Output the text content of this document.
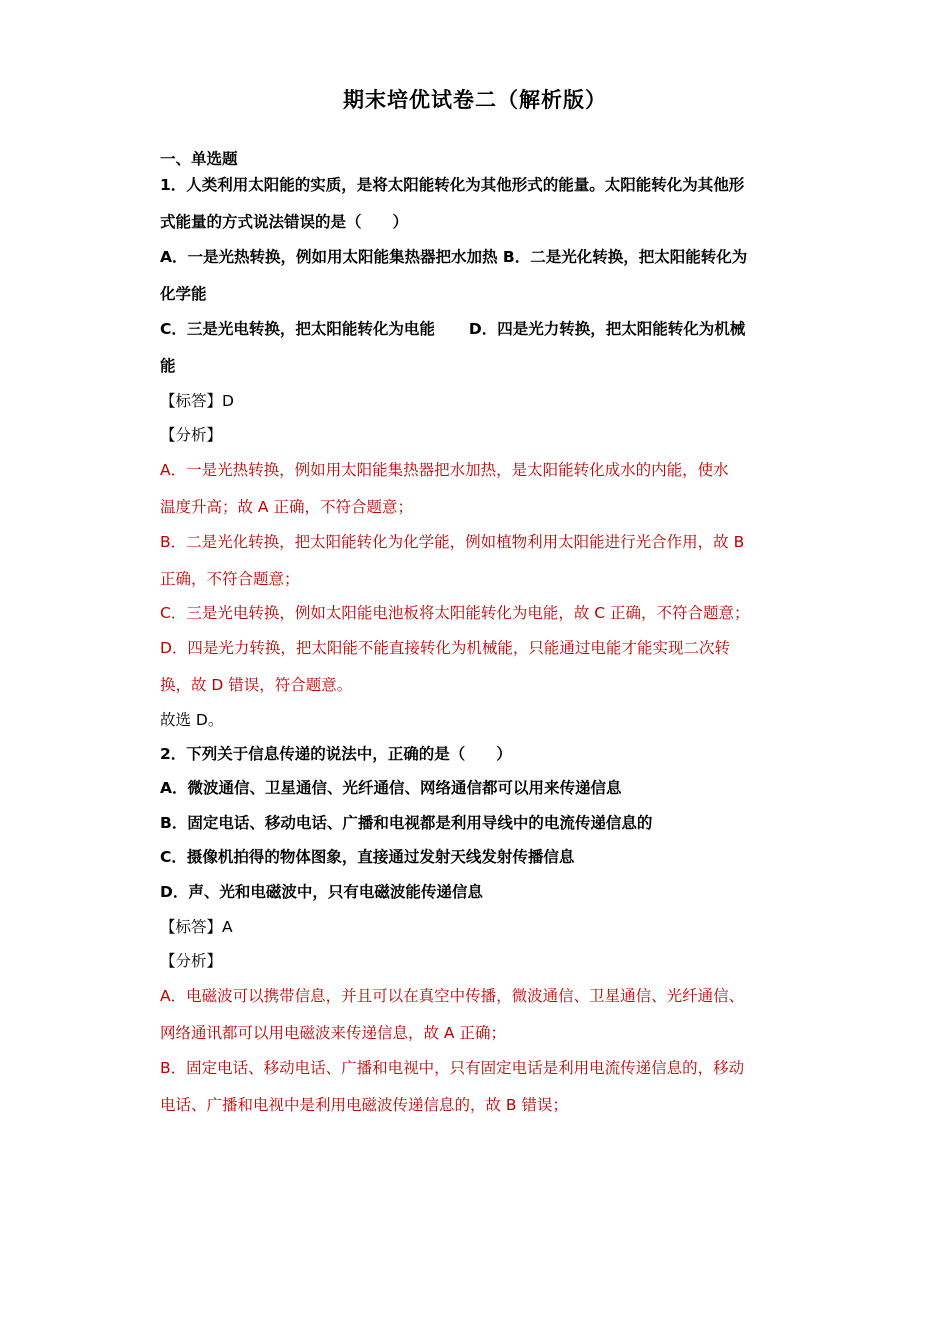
期末培优试卷二（解析版）
一、单选题
1．人类利用太阳能的实质，是将太阳能转化为其他形式的能量。太阳能转化为其他形
式能量的方式说法错误的是（　　）
A．一是光热转换，例如用太阳能集热器把水加热 B．二是光化转换，把太阳能转化为
化学能
C．三是光电转换，把太阳能转化为电能 D．四是光力转换，把太阳能转化为机械
能
【标答】D
【分析】
A．一是光热转换，例如用太阳能集热器把水加热，是太阳能转化成水的内能，使水
温度升高；故 A 正确，不符合题意；
B．二是光化转换，把太阳能转化为化学能，例如植物利用太阳能进行光合作用，故 B
正确，不符合题意；
C．三是光电转换，例如太阳能电池板将太阳能转化为电能，故 C 正确，不符合题意；
D．四是光力转换，把太阳能不能直接转化为机械能，只能通过电能才能实现二次转
换，故 D 错误，符合题意。
故选 D。
2．下列关于信息传递的说法中，正确的是（　　）
A．微波通信、卫星通信、光纤通信、网络通信都可以用来传递信息
B．固定电话、移动电话、广播和电视都是利用导线中的电流传递信息的
C．摄像机拍得的物体图象，直接通过发射天线发射传播信息
D．声、光和电磁波中，只有电磁波能传递信息
【标答】A
【分析】
A．电磁波可以携带信息，并且可以在真空中传播，微波通信、卫星通信、光纤通信、
网络通讯都可以用电磁波来传递信息，故 A 正确；
B．固定电话、移动电话、广播和电视中，只有固定电话是利用电流传递信息的，移动
电话、广播和电视中是利用电磁波传递信息的，故 B 错误；
